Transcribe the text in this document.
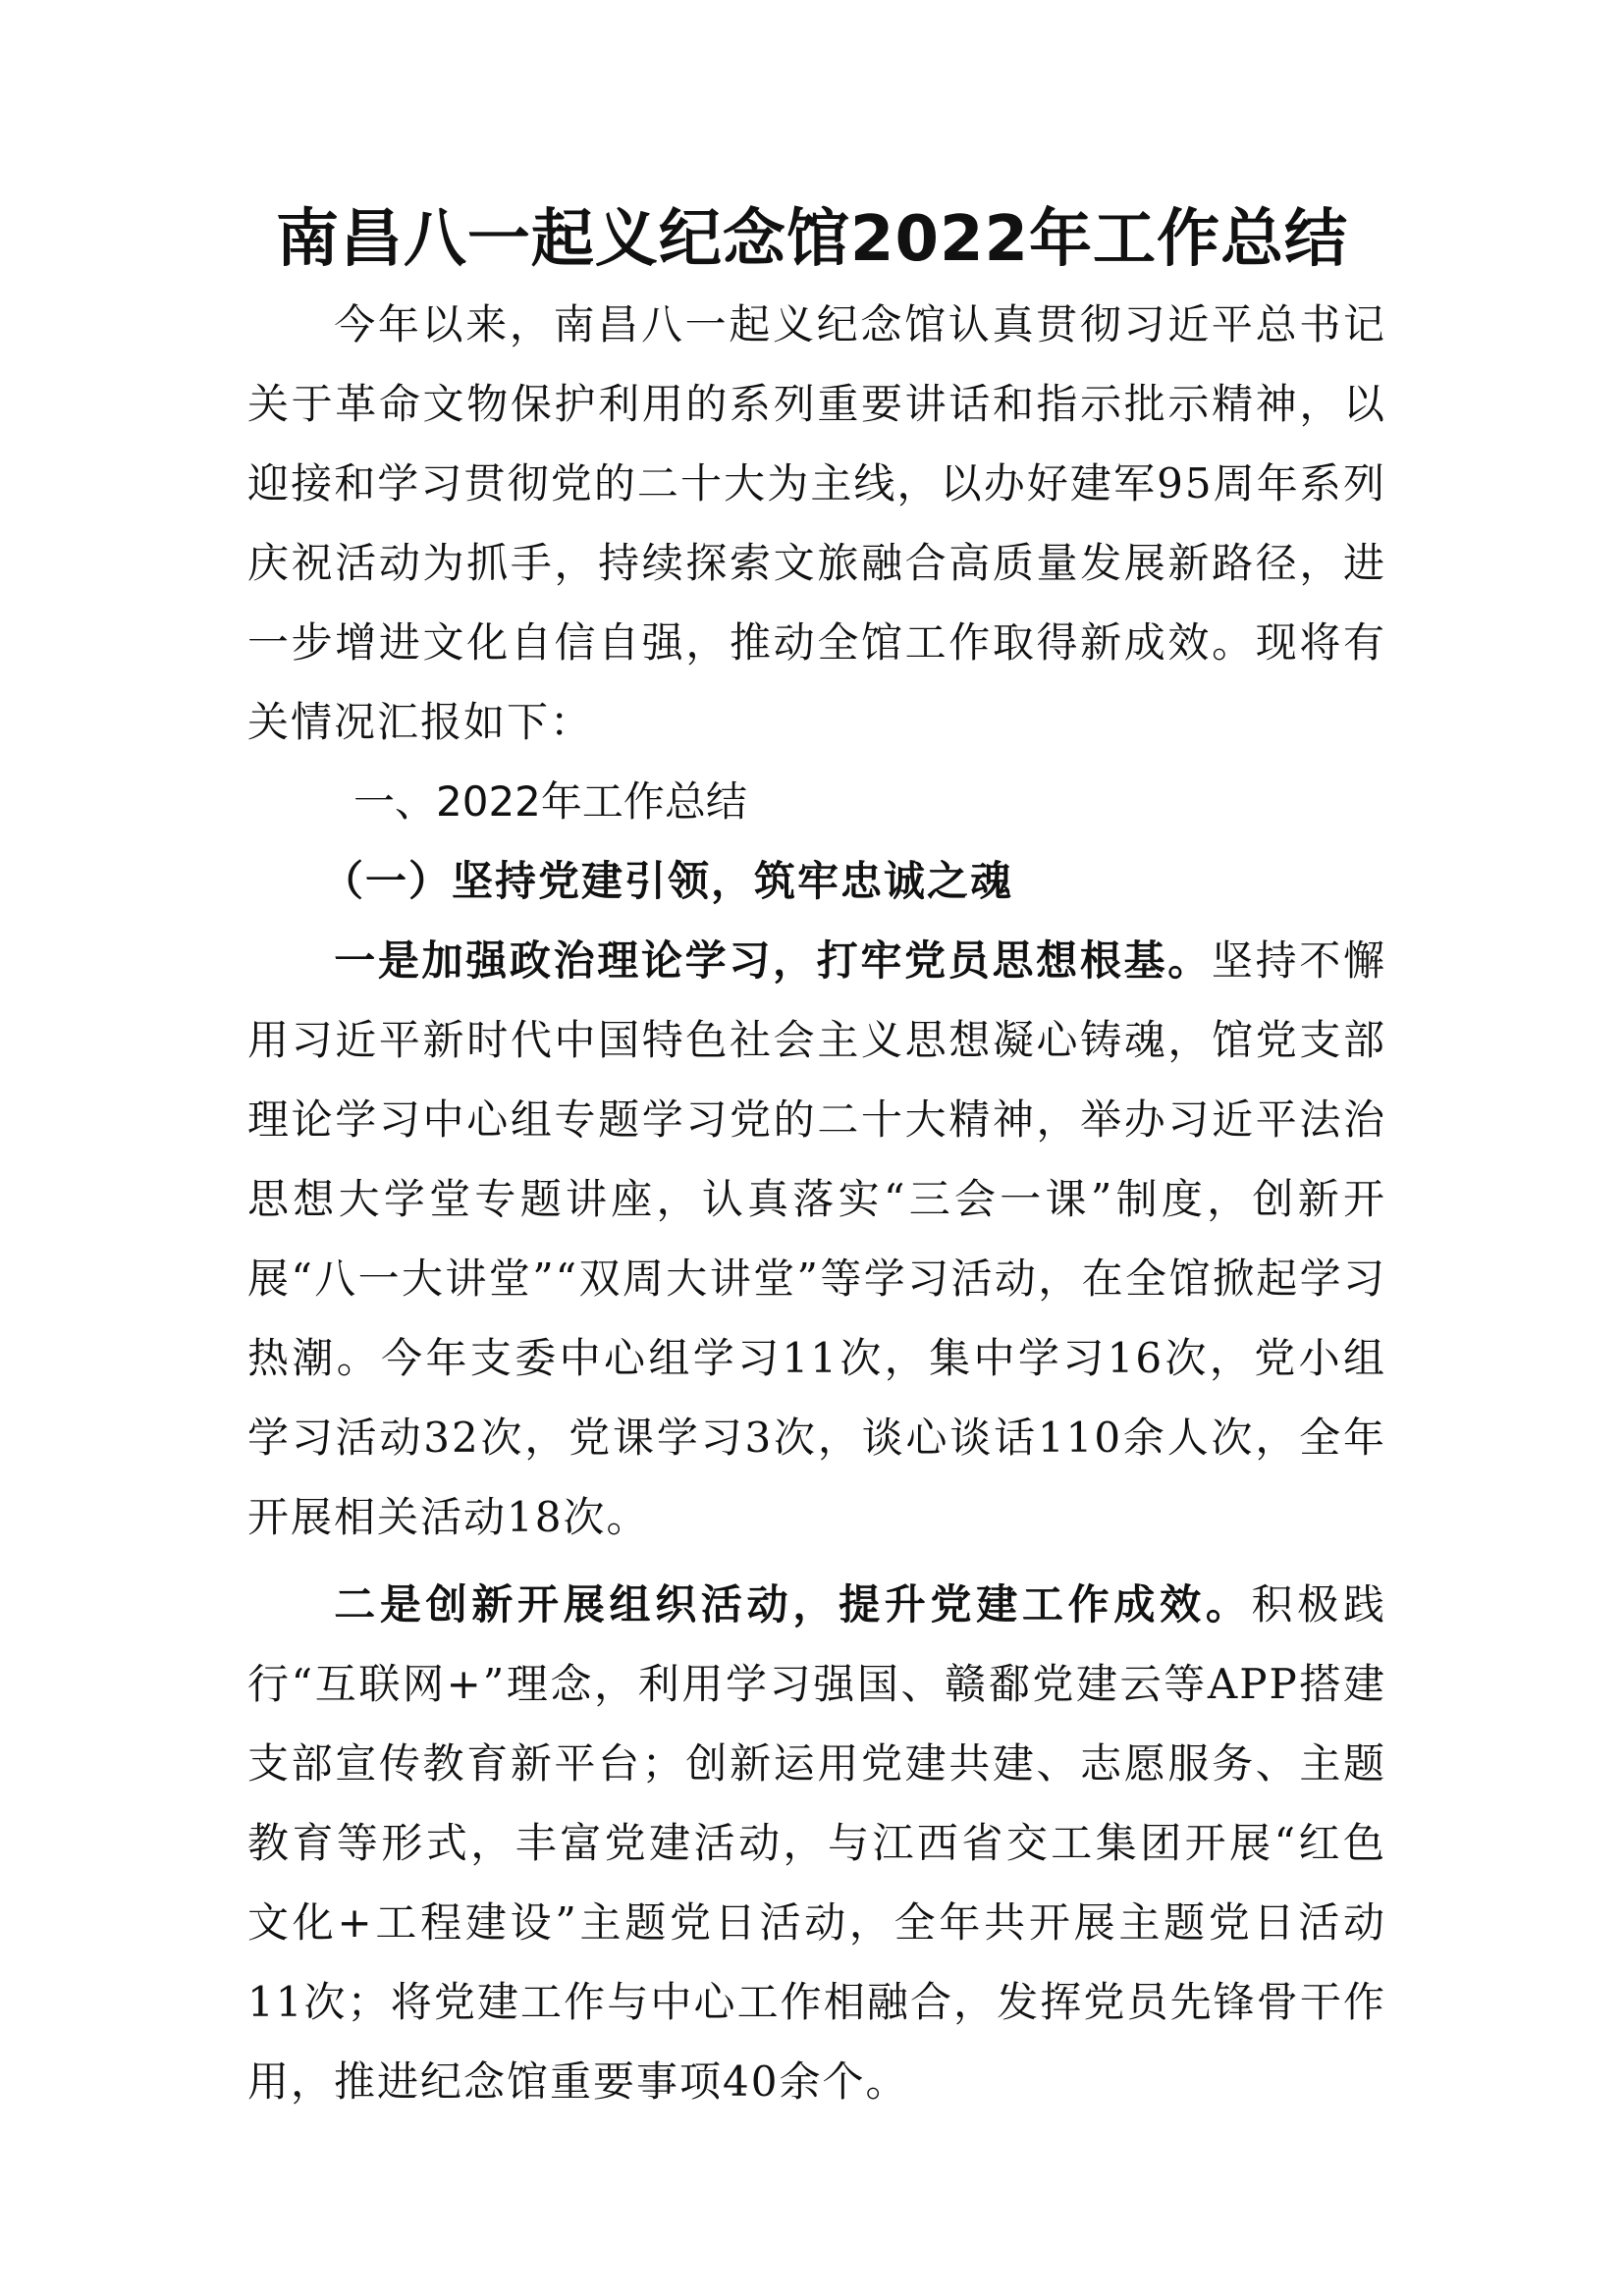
南昌八一起义纪念馆2022年工作总结

今年以来，南昌八一起义纪念馆认真贯彻习近平总书记关于革命文物保护利用的系列重要讲话和指示批示精神，以迎接和学习贯彻党的二十大为主线，以办好建军95周年系列庆祝活动为抓手，持续探索文旅融合高质量发展新路径，进一步增进文化自信自强，推动全馆工作取得新成效。现将有关情况汇报如下：

一、2022年工作总结

（一）坚持党建引领，筑牢忠诚之魂

一是加强政治理论学习，打牢党员思想根基。坚持不懈用习近平新时代中国特色社会主义思想凝心铸魂，馆党支部理论学习中心组专题学习党的二十大精神，举办习近平法治思想大学堂专题讲座，认真落实“三会一课”制度，创新开展“八一大讲堂”“双周大讲堂”等学习活动，在全馆掀起学习热潮。今年支委中心组学习11次，集中学习16次，党小组学习活动32次，党课学习3次，谈心谈话110余人次，全年开展相关活动18次。

二是创新开展组织活动，提升党建工作成效。积极践行“互联网+”理念，利用学习强国、赣鄱党建云等APP搭建支部宣传教育新平台；创新运用党建共建、志愿服务、主题教育等形式，丰富党建活动，与江西省交工集团开展“红色文化+工程建设”主题党日活动，全年共开展主题党日活动11次；将党建工作与中心工作相融合，发挥党员先锋骨干作用，推进纪念馆重要事项40余个。
